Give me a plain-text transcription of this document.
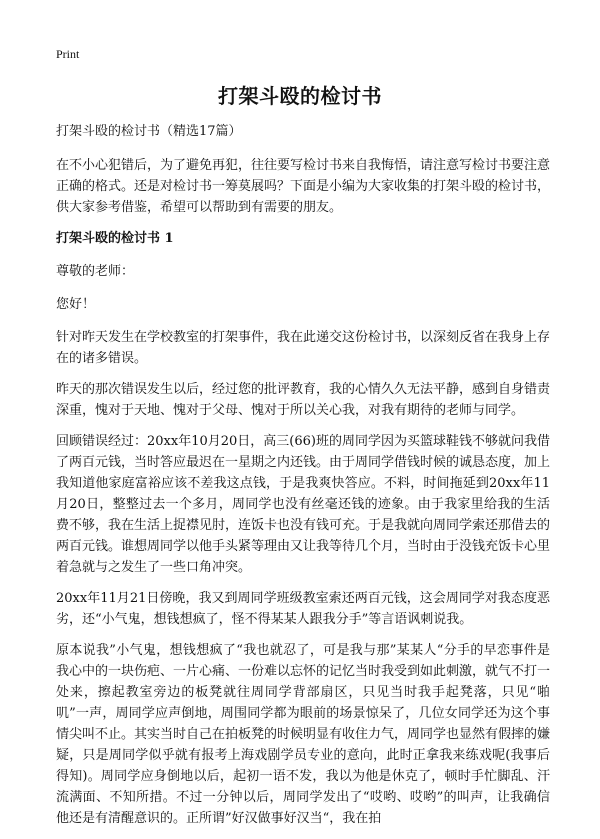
Print
打架斗殴的检讨书

打架斗殴的检讨书（精选17篇）

在不小心犯错后，为了避免再犯，往往要写检讨书来自我悔悟，请注意写检讨书要注意正确的格式。还是对检讨书一筹莫展吗？下面是小编为大家收集的打架斗殴的检讨书，供大家参考借鉴，希望可以帮助到有需要的朋友。

打架斗殴的检讨书 1

尊敬的老师：

您好！

针对昨天发生在学校教室的打架事件，我在此递交这份检讨书，以深刻反省在我身上存在的诸多错误。

昨天的那次错误发生以后，经过您的批评教育，我的心情久久无法平静，感到自身错责深重，愧对于天地、愧对于父母、愧对于所以关心我，对我有期待的老师与同学。

回顾错误经过：20xx年10月20日，高三(66)班的周同学因为买篮球鞋钱不够就问我借了两百元钱，当时答应最迟在一星期之内还钱。由于周同学借钱时候的诚恳态度，加上我知道他家庭富裕应该不差我这点钱，于是我爽快答应。不料，时间拖延到20xx年11月20日，整整过去一个多月，周同学也没有丝毫还钱的迹象。由于我家里给我的生活费不够，我在生活上捉襟见肘，连饭卡也没有钱可充。于是我就向周同学索还那借去的两百元钱。谁想周同学以他手头紧等理由又让我等待几个月，当时由于没钱充饭卡心里着急就与之发生了一些口角冲突。

20xx年11月21日傍晚，我又到周同学班级教室索还两百元钱，这会周同学对我态度恶劣，还“小气鬼，想钱想疯了，怪不得某某人跟我分手”等言语讽刺说我。

原本说我”小气鬼，想钱想疯了“我也就忍了，可是我与那”某某人“分手的早恋事件是我心中的一块伤疤、一片心痛、一份难以忘怀的记忆当时我受到如此刺激，就气不打一处来，擦起教室旁边的板凳就往周同学背部扇区，只见当时我手起凳落，只见“啪叽”一声，周同学应声倒地，周围同学都为眼前的场景惊呆了，几位女同学还为这个事情尖叫不止。其实当时自己在拍板凳的时候明显有收住力气，周同学也显然有假摔的嫌疑，只是周同学似乎就有报考上海戏剧学员专业的意向，此时正拿我来练戏呢(我事后得知)。周同学应身倒地以后，起初一语不发，我以为他是休克了，顿时手忙脚乱、汗流满面、不知所措。不过一分钟以后，周同学发出了“哎哟、哎哟”的叫声，让我确信他还是有清醒意识的。正所谓”好汉做事好汉当“，我在拍
